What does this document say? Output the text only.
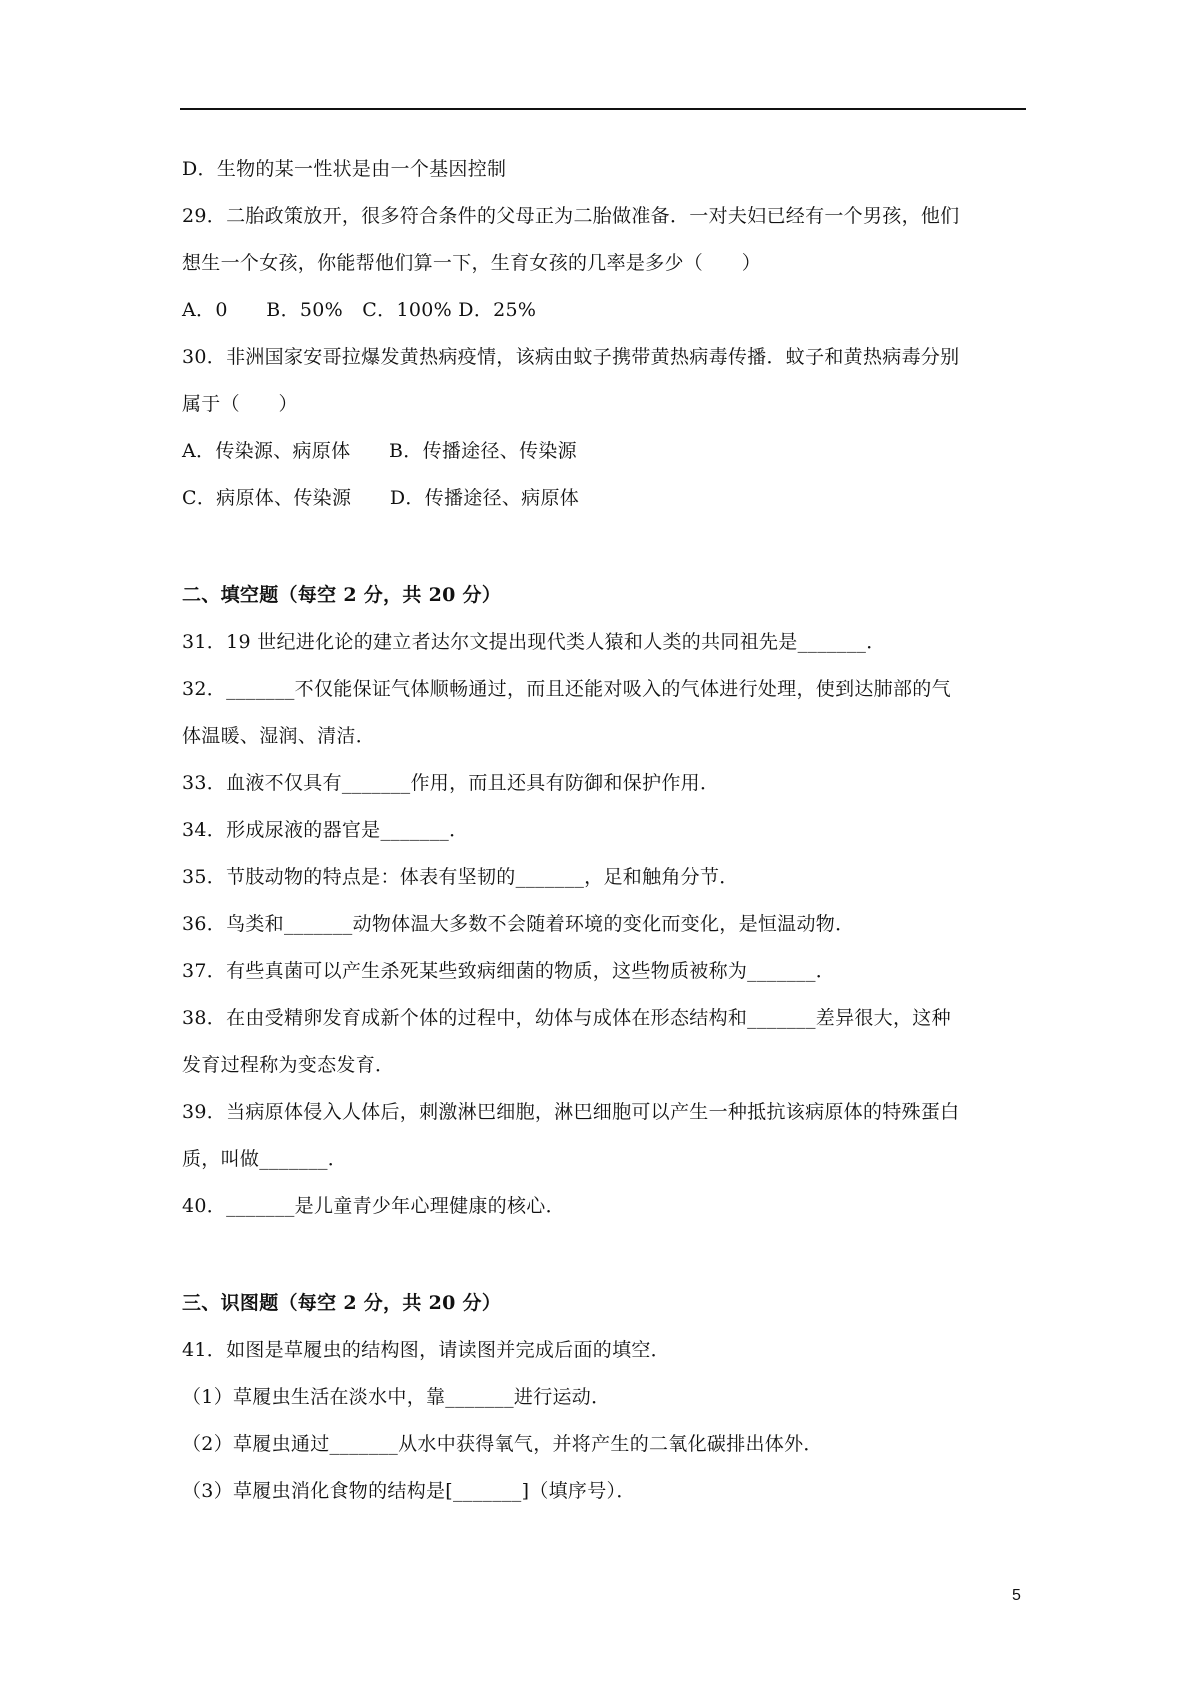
D．生物的某一性状是由一个基因控制
29．二胎政策放开，很多符合条件的父母正为二胎做准备．一对夫妇已经有一个男孩，他们
想生一个女孩，你能帮他们算一下，生育女孩的几率是多少（　　）
A．0　　B．50%　C．100% D．25%
30．非洲国家安哥拉爆发黄热病疫情，该病由蚊子携带黄热病毒传播．蚊子和黄热病毒分别
属于（　　）
A．传染源、病原体　　B．传播途径、传染源
C．病原体、传染源　　D．传播途径、病原体
二、填空题（每空 2 分，共 20 分）
31．19 世纪进化论的建立者达尔文提出现代类人猿和人类的共同祖先是_______．
32．_______不仅能保证气体顺畅通过，而且还能对吸入的气体进行处理，使到达肺部的气
体温暖、湿润、清洁．
33．血液不仅具有_______作用，而且还具有防御和保护作用．
34．形成尿液的器官是_______．
35．节肢动物的特点是：体表有坚韧的_______，足和触角分节．
36．鸟类和_______动物体温大多数不会随着环境的变化而变化，是恒温动物．
37．有些真菌可以产生杀死某些致病细菌的物质，这些物质被称为_______．
38．在由受精卵发育成新个体的过程中，幼体与成体在形态结构和_______差异很大，这种
发育过程称为变态发育．
39．当病原体侵入人体后，刺激淋巴细胞，淋巴细胞可以产生一种抵抗该病原体的特殊蛋白
质，叫做_______．
40．_______是儿童青少年心理健康的核心．
三、识图题（每空 2 分，共 20 分）
41．如图是草履虫的结构图，请读图并完成后面的填空．
（1）草履虫生活在淡水中，靠_______进行运动．
（2）草履虫通过_______从水中获得氧气，并将产生的二氧化碳排出体外．
（3）草履虫消化食物的结构是[_______]（填序号）．
5
